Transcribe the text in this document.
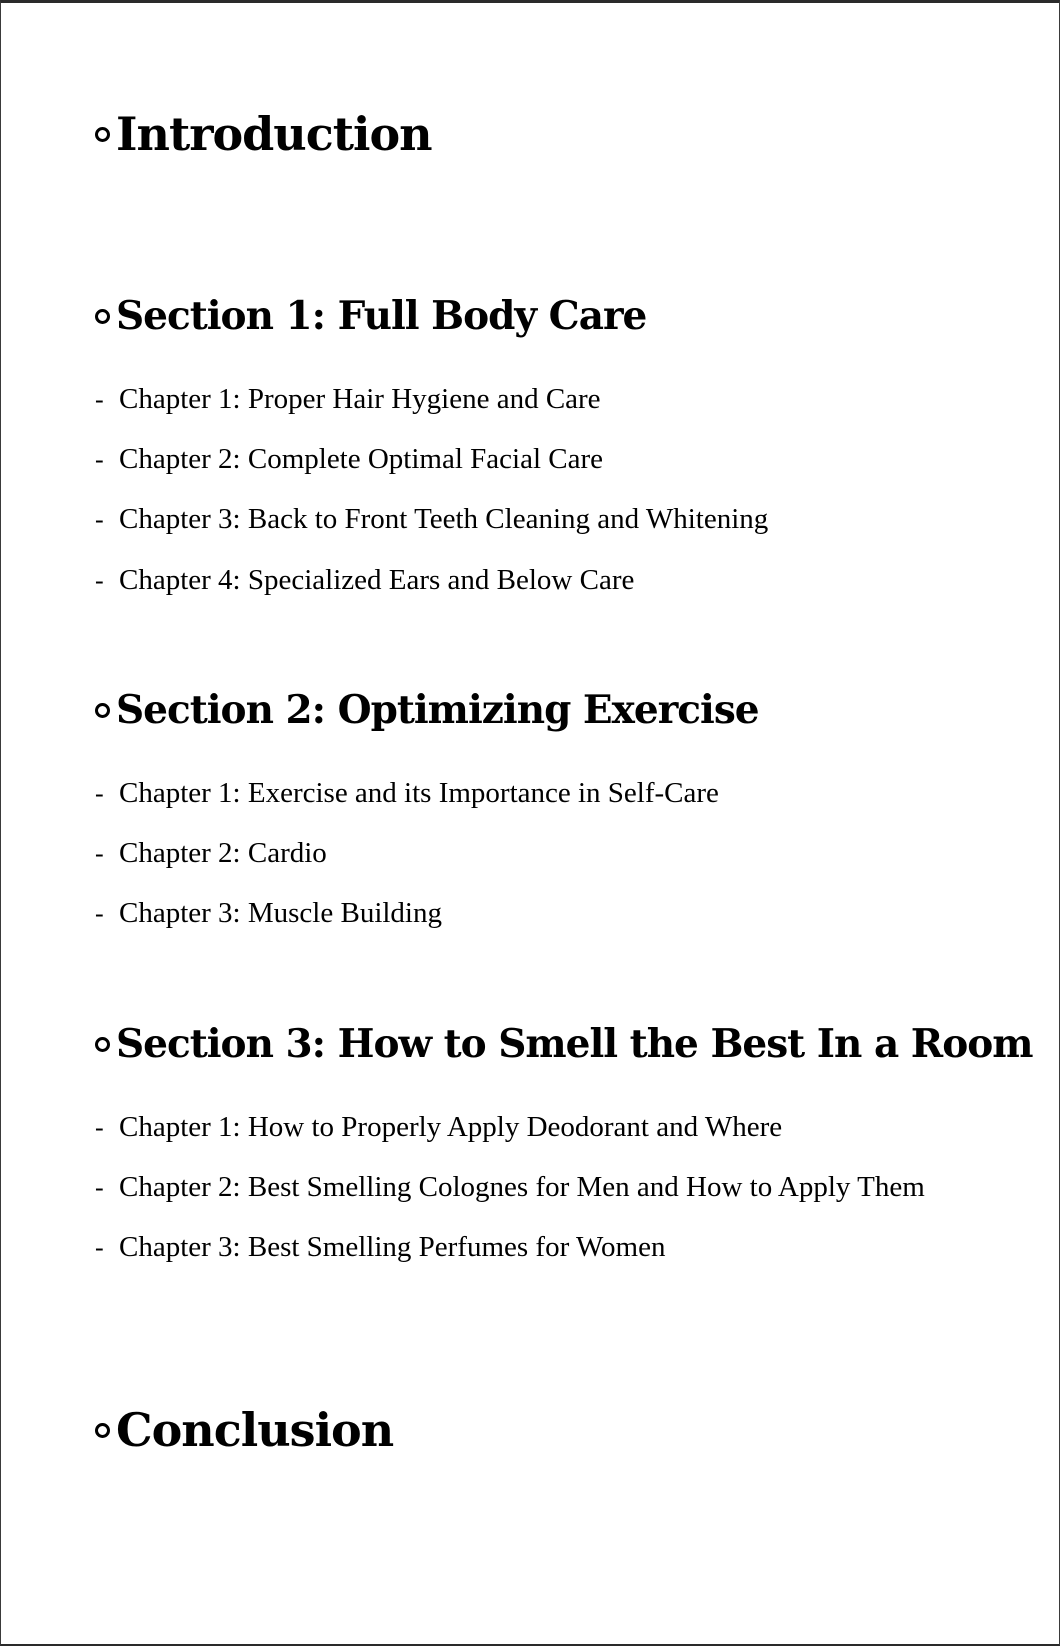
Introduction
Section 1: Full Body Care
- Chapter 1: Proper Hair Hygiene and Care
- Chapter 2: Complete Optimal Facial Care
- Chapter 3: Back to Front Teeth Cleaning and Whitening
- Chapter 4: Specialized Ears and Below Care
Section 2: Optimizing Exercise
- Chapter 1: Exercise and its Importance in Self-Care
- Chapter 2: Cardio
- Chapter 3: Muscle Building
Section 3: How to Smell the Best In a Room
- Chapter 1: How to Properly Apply Deodorant and Where
- Chapter 2: Best Smelling Colognes for Men and How to Apply Them
- Chapter 3: Best Smelling Perfumes for Women
Conclusion
